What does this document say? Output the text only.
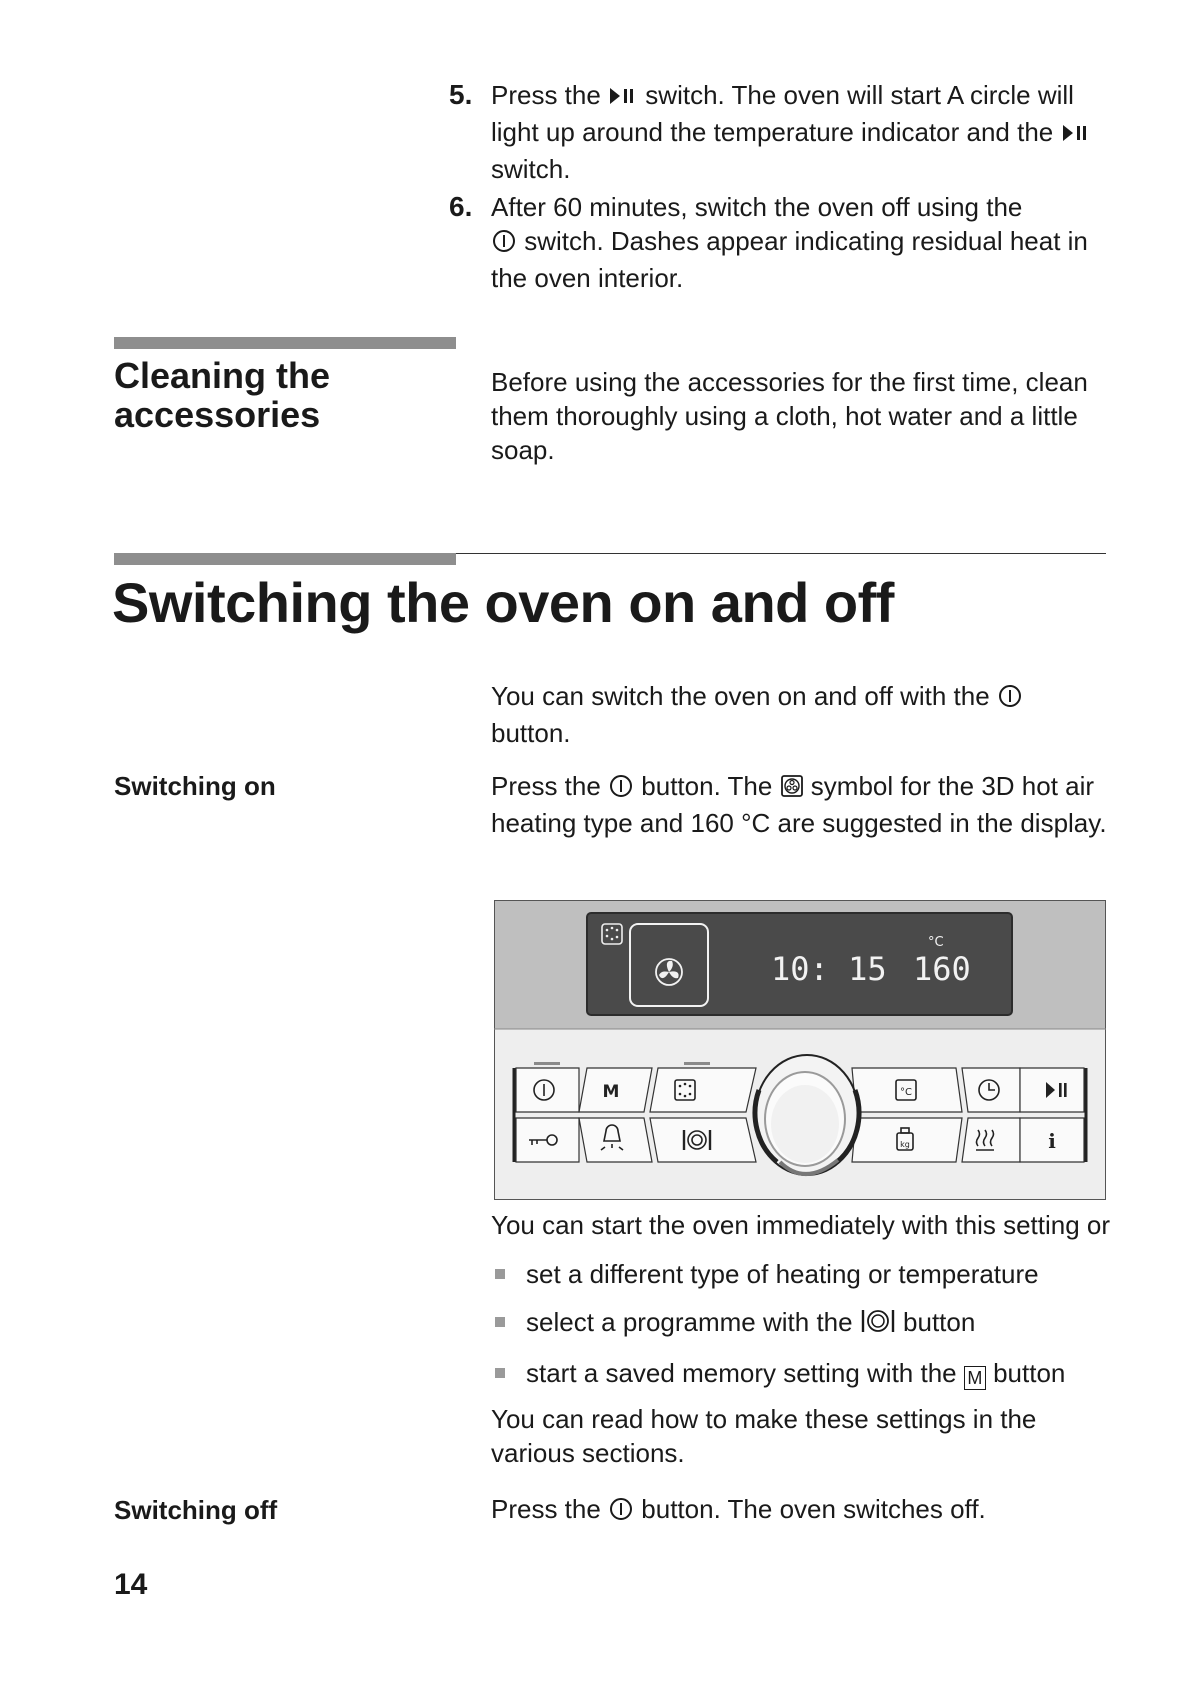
5. Press the  switch. The oven will start A circle will light up around the temperature indicator and the  switch.
6. After 60 minutes, switch the oven off using the
switch. Dashes appear indicating residual heat in the oven interior.
Cleaning the accessories
Before using the accessories for the first time, clean them thoroughly using a cloth, hot water and a little soap.
Switching the oven on and off
You can switch the oven on and off with the
button.
Switching on	Press the  button. The  symbol for the 3D hot air heating type and 160 °C are suggested in the display.
10: 15
°C
160
M	°C
kg	i
You can start the oven immediately with this setting or
set a different type of heating or temperature
select a programme with the  button
start a saved memory setting with the M button
You can read how to make these settings in the various sections.
Switching off	Press the  button. The oven switches off.
14
